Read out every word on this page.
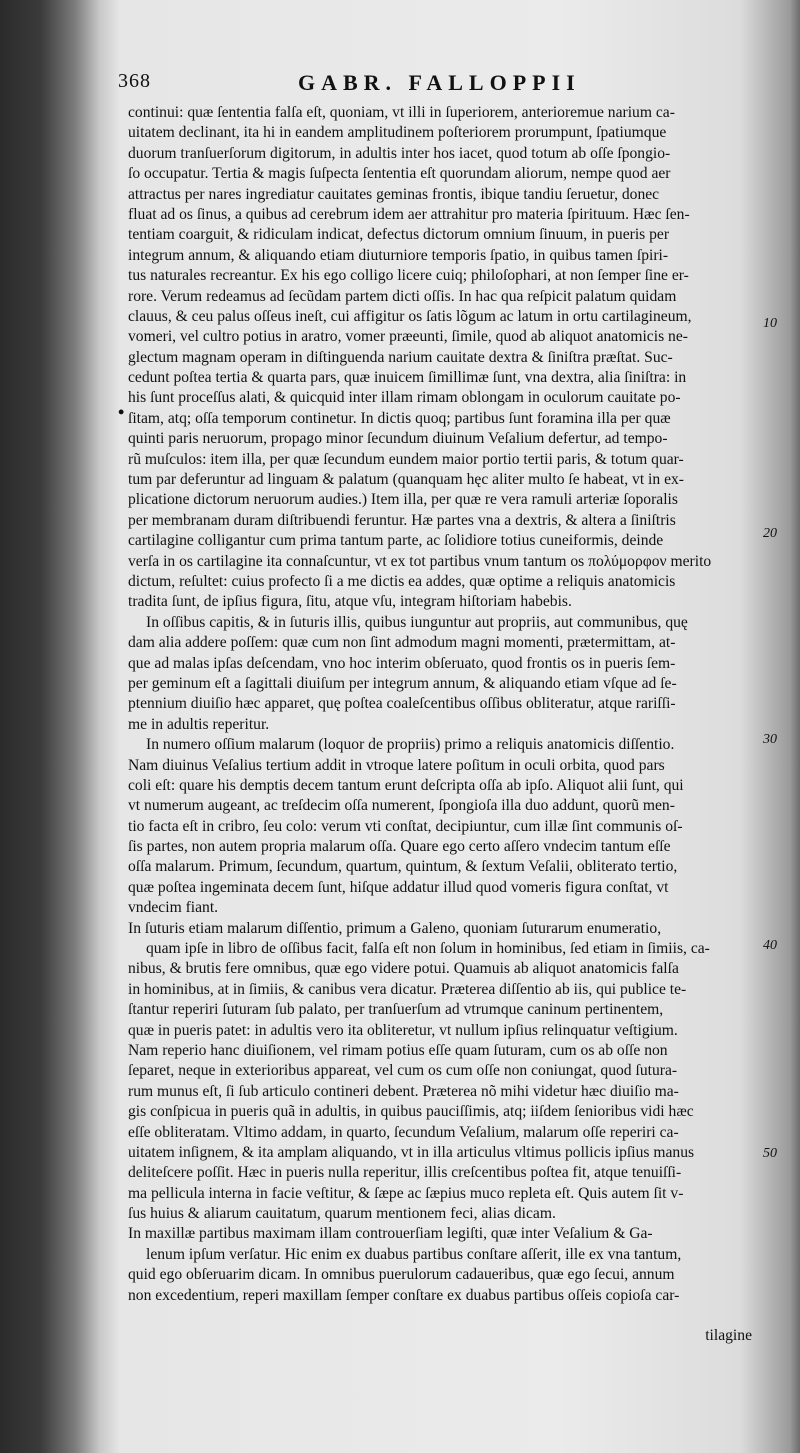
368	GABR. FALLOPPII
•
continui: quæ ſententia falſa eſt, quoniam, vt illi in ſuperiorem, anterioremue narium ca-
uitatem declinant, ita hi in eandem amplitudinem poſteriorem prorumpunt, ſpatiumque
duorum tranſuerſorum digitorum, in adultis inter hos iacet, quod totum ab oſſe ſpongio-
ſo occupatur. Tertia & magis ſuſpecta ſententia eſt quorundam aliorum, nempe quod aer
attractus per nares ingrediatur cauitates geminas frontis, ibique tandiu ſeruetur, donec
fluat ad os ſinus, a quibus ad cerebrum idem aer attrahitur pro materia ſpirituum. Hæc ſen-
tentiam coarguit, & ridiculam indicat, defectus dictorum omnium ſinuum, in pueris per
integrum annum, & aliquando etiam diuturniore temporis ſpatio, in quibus tamen ſpiri-
tus naturales recreantur. Ex his ego colligo licere cuiq; philoſophari, at non ſemper ſine er-
rore. Verum redeamus ad ſecũdam partem dicti oſſis. In hac qua reſpicit palatum quidam
clauus, & ceu palus oſſeus ineſt, cui affigitur os ſatis lõgum ac latum in ortu cartilagineum,
vomeri, vel cultro potius in aratro, vomer præeunti, ſimile, quod ab aliquot anatomicis ne-
glectum magnam operam in diſtinguenda narium cauitate dextra & ſiniſtra præſtat. Suc-
cedunt poſtea tertia & quarta pars, quæ inuicem ſimillimæ ſunt, vna dextra, alia ſiniſtra: in
his ſunt proceſſus alati, & quicquid inter illam rimam oblongam in oculorum cauitate po-
ſitam, atq; oſſa temporum continetur. In dictis quoq; partibus ſunt foramina illa per quæ
quinti paris neruorum, propago minor ſecundum diuinum Veſalium defertur, ad tempo-
rũ muſculos: item illa, per quæ ſecundum eundem maior portio tertii paris, & totum quar-
tum par deferuntur ad linguam & palatum (quanquam hęc aliter multo ſe habeat, vt in ex-
plicatione dictorum neruorum audies.) Item illa, per quæ re vera ramuli arteriæ ſoporalis
per membranam duram diſtribuendi feruntur. Hæ partes vna a dextris, & altera a ſiniſtris
cartilagine colligantur cum prima tantum parte, ac ſolidiore totius cuneiformis, deinde
verſa in os cartilagine ita connaſcuntur, vt ex tot partibus vnum tantum os πολύμορφον merito
dictum, reſultet: cuius profecto ſi a me dictis ea addes, quæ optime a reliquis anatomicis
tradita ſunt, de ipſius figura, ſitu, atque vſu, integram hiſtoriam habebis.
In oſſibus capitis, & in ſuturis illis, quibus iunguntur aut propriis, aut communibus, quę
dam alia addere poſſem: quæ cum non ſint admodum magni momenti, prætermittam, at-
que ad malas ipſas deſcendam, vno hoc interim obſeruato, quod frontis os in pueris ſem-
per geminum eſt a ſagittali diuiſum per integrum annum, & aliquando etiam vſque ad ſe-
ptennium diuiſio hæc apparet, quę poſtea coaleſcentibus oſſibus obliteratur, atque rariſſi-
me in adultis reperitur.
In numero oſſium malarum (loquor de propriis) primo a reliquis anatomicis diſſentio.
Nam diuinus Veſalius tertium addit in vtroque latere poſitum in oculi orbita, quod pars
coli eſt: quare his demptis decem tantum erunt deſcripta oſſa ab ipſo. Aliquot alii ſunt, qui
vt numerum augeant, ac treſdecim oſſa numerent, ſpongioſa illa duo addunt, quorũ men-
tio facta eſt in cribro, ſeu colo: verum vti conſtat, decipiuntur, cum illæ ſint communis oſ-
ſis partes, non autem propria malarum oſſa. Quare ego certo aſſero vndecim tantum eſſe
oſſa malarum. Primum, ſecundum, quartum, quintum, & ſextum Veſalii, obliterato tertio,
quæ poſtea ingeminata decem ſunt, hiſque addatur illud quod vomeris figura conſtat, vt
vndecim fiant.
In ſuturis etiam malarum diſſentio, primum a Galeno, quoniam ſuturarum enumeratio,
quam ipſe in libro de oſſibus facit, falſa eſt non ſolum in hominibus, ſed etiam in ſimiis, ca-
nibus, & brutis fere omnibus, quæ ego videre potui. Quamuis ab aliquot anatomicis falſa
in hominibus, at in ſimiis, & canibus vera dicatur. Præterea diſſentio ab iis, qui publice te-
ſtantur reperiri ſuturam ſub palato, per tranſuerſum ad vtrumque caninum pertinentem,
quæ in pueris patet: in adultis vero ita obliteretur, vt nullum ipſius relinquatur veſtigium.
Nam reperio hanc diuiſionem, vel rimam potius eſſe quam ſuturam, cum os ab oſſe non
ſeparet, neque in exterioribus appareat, vel cum os cum oſſe non coniungat, quod ſutura-
rum munus eſt, ſi ſub articulo contineri debent. Præterea nõ mihi videtur hæc diuiſio ma-
gis conſpicua in pueris quã in adultis, in quibus pauciſſimis, atq; iiſdem ſenioribus vidi hæc
eſſe obliteratam. Vltimo addam, in quarto, ſecundum Veſalium, malarum oſſe reperiri ca-
uitatem inſignem, & ita amplam aliquando, vt in illa articulus vltimus pollicis ipſius manus
deliteſcere poſſit. Hæc in pueris nulla reperitur, illis creſcentibus poſtea fit, atque tenuiſſi-
ma pellicula interna in facie veſtitur, & ſæpe ac ſæpius muco repleta eſt. Quis autem ſit v-
ſus huius & aliarum cauitatum, quarum mentionem feci, alias dicam.
In maxillæ partibus maximam illam controuerſiam legiſti, quæ inter Veſalium & Ga-
lenum ipſum verſatur. Hic enim ex duabus partibus conſtare aſſerit, ille ex vna tantum,
quid ego obſeruarim dicam. In omnibus puerulorum cadaueribus, quæ ego ſecui, annum
non excedentium, reperi maxillam ſemper conſtare ex duabus partibus oſſeis copioſa car-
tilagine
10
20
30
40
50
